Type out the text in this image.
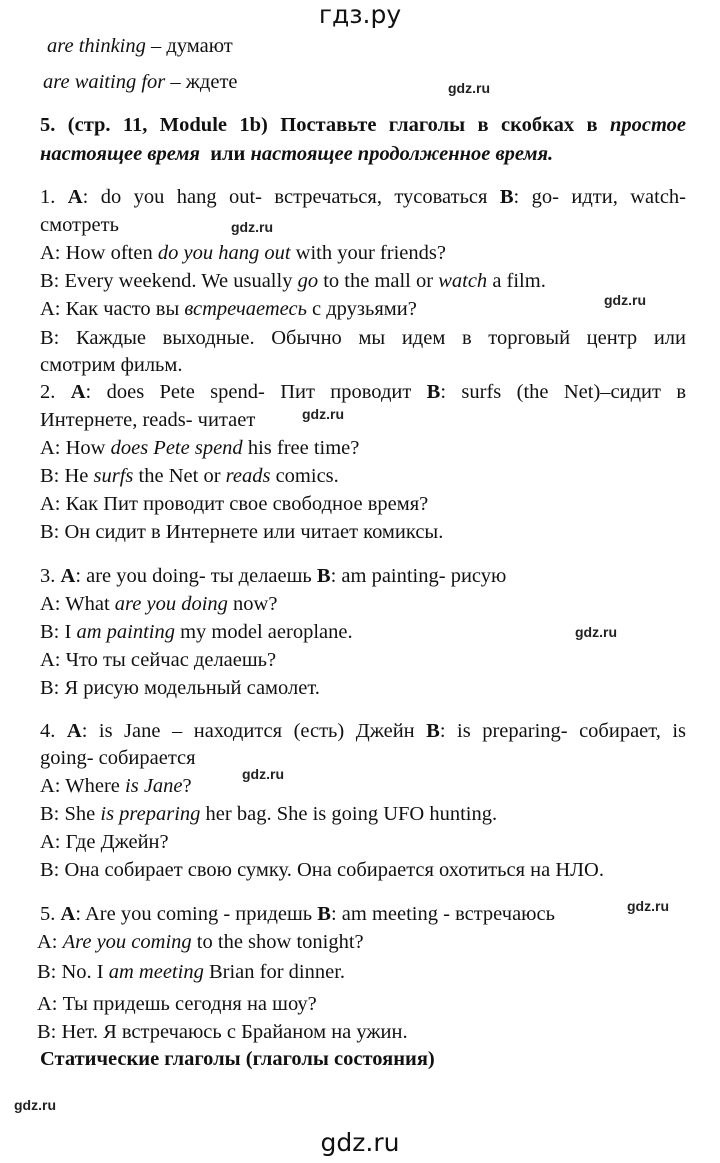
гдз.ру
are thinking – думают
are waiting for – ждете	gdz.ru
5. (стр. 11, Module 1b) Поставьте глаголы в скобках в простое
настоящее время или настоящее продолженное время.
1. A: do you hang out- встречаться, тусоваться B: go- идти, watch-
смотреть	gdz.ru
A: How often do you hang out with your friends?
B: Every weekend. We usually go to the mall or watch a film.
A: Как часто вы встречаетесь с друзьями?	gdz.ru
B: Каждые выходные. Обычно мы идем в торговый центр или
смотрим фильм.
2. A: does Pete spend- Пит проводит B: surfs (the Net)–сидит в
Интернете, reads- читает	gdz.ru
A: How does Pete spend his free time?
B: He surfs the Net or reads comics.
A: Как Пит проводит свое свободное время?
B: Он сидит в Интернете или читает комиксы.
3. A: are you doing- ты делаешь B: am painting- рисую
A: What are you doing now?
B: I am painting my model aeroplane.	gdz.ru
A: Что ты сейчас делаешь?
B: Я рисую модельный самолет.
4. A: is Jane – находится (есть) Джейн B: is preparing- собирает, is
going- собирается
A: Where is Jane?
gdz.ru
B: She is preparing her bag. She is going UFO hunting.
A: Где Джейн?
B: Она собирает свою сумку. Она собирается охотиться на НЛО.
5. A: Are you coming - придешь B: am meeting - встречаюсь	gdz.ru
A: Are you coming to the show tonight?
B: No. I am meeting Brian for dinner.
A: Ты придешь сегодня на шоу?
B: Нет. Я встречаюсь с Брайаном на ужин.
Статические глаголы (глаголы состояния)
gdz.ru
gdz.ru
